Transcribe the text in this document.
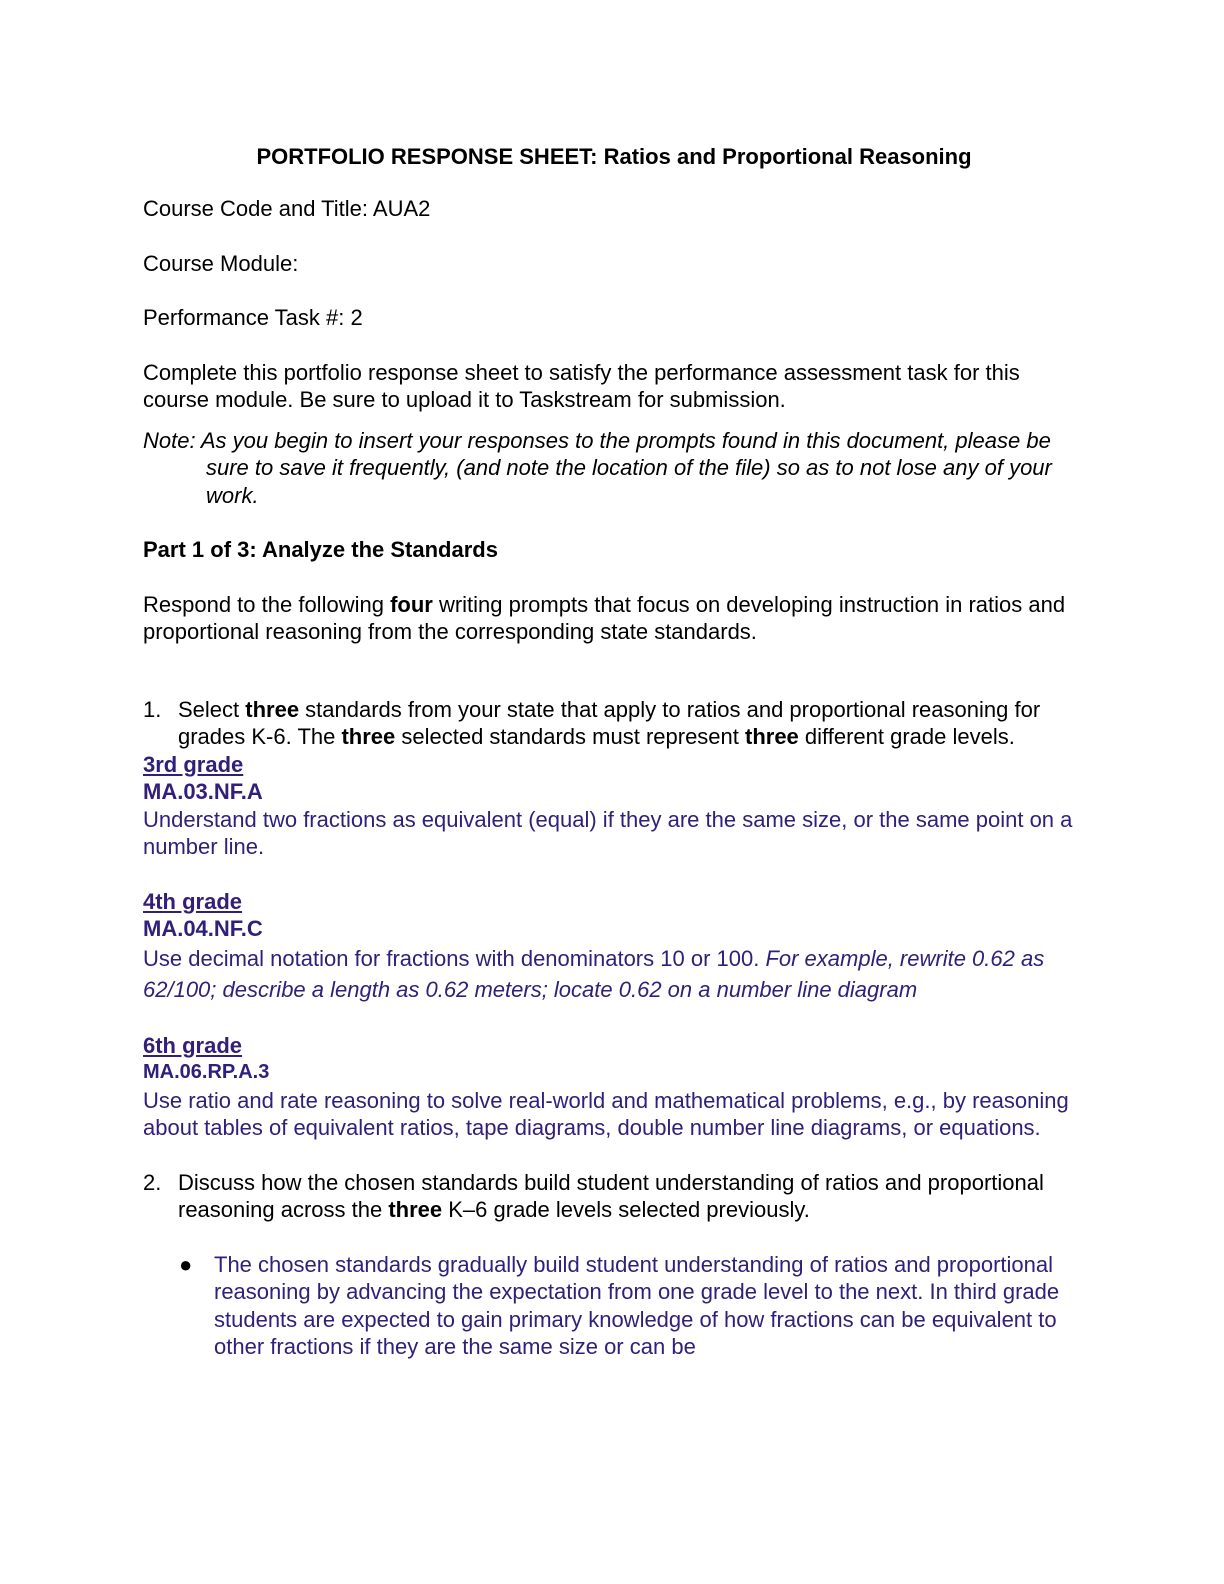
PORTFOLIO RESPONSE SHEET: Ratios and Proportional Reasoning
Course Code and Title: AUA2
Course Module:
Performance Task #: 2
Complete this portfolio response sheet to satisfy the performance assessment task for this course module. Be sure to upload it to Taskstream for submission.
Note: As you begin to insert your responses to the prompts found in this document, please be sure to save it frequently, (and note the location of the file) so as to not lose any of your work.
Part 1 of 3: Analyze the Standards
Respond to the following four writing prompts that focus on developing instruction in ratios and proportional reasoning from the corresponding state standards.
1. Select three standards from your state that apply to ratios and proportional reasoning for grades K-6. The three selected standards must represent three different grade levels.
3rd grade
MA.03.NF.A
Understand two fractions as equivalent (equal) if they are the same size, or the same point on a number line.
4th grade
MA.04.NF.C
Use decimal notation for fractions with denominators 10 or 100. For example, rewrite 0.62 as 62/100; describe a length as 0.62 meters; locate 0.62 on a number line diagram
6th grade
MA.06.RP.A.3
Use ratio and rate reasoning to solve real-world and mathematical problems, e.g., by reasoning about tables of equivalent ratios, tape diagrams, double number line diagrams, or equations.
2. Discuss how the chosen standards build student understanding of ratios and proportional reasoning across the three K–6 grade levels selected previously.
● The chosen standards gradually build student understanding of ratios and proportional reasoning by advancing the expectation from one grade level to the next. In third grade students are expected to gain primary knowledge of how fractions can be equivalent to other fractions if they are the same size or can be
